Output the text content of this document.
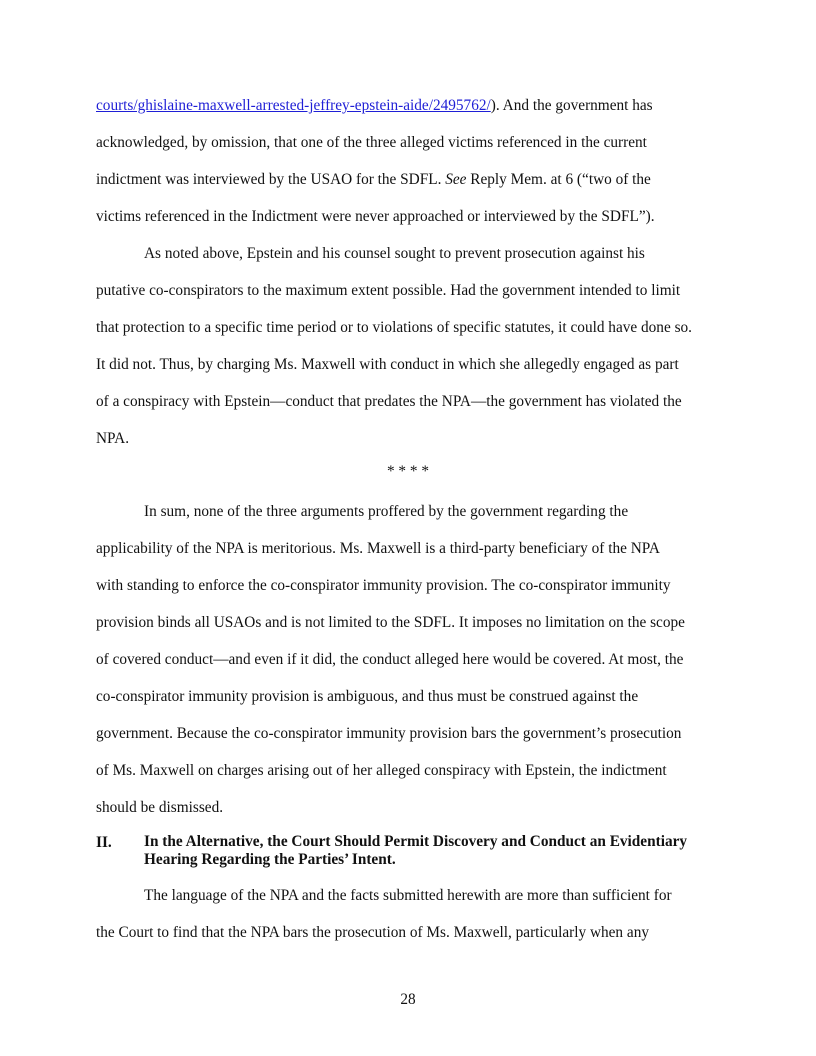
courts/ghislaine-maxwell-arrested-jeffrey-epstein-aide/2495762/). And the government has
acknowledged, by omission, that one of the three alleged victims referenced in the current
indictment was interviewed by the USAO for the SDFL. See Reply Mem. at 6 (“two of the
victims referenced in the Indictment were never approached or interviewed by the SDFL”).
As noted above, Epstein and his counsel sought to prevent prosecution against his
putative co-conspirators to the maximum extent possible. Had the government intended to limit
that protection to a specific time period or to violations of specific statutes, it could have done so.
It did not. Thus, by charging Ms. Maxwell with conduct in which she allegedly engaged as part
of a conspiracy with Epstein—conduct that predates the NPA—the government has violated the
NPA.
* * * *
In sum, none of the three arguments proffered by the government regarding the
applicability of the NPA is meritorious. Ms. Maxwell is a third-party beneficiary of the NPA
with standing to enforce the co-conspirator immunity provision. The co-conspirator immunity
provision binds all USAOs and is not limited to the SDFL. It imposes no limitation on the scope
of covered conduct—and even if it did, the conduct alleged here would be covered. At most, the
co-conspirator immunity provision is ambiguous, and thus must be construed against the
government. Because the co-conspirator immunity provision bars the government’s prosecution
of Ms. Maxwell on charges arising out of her alleged conspiracy with Epstein, the indictment
should be dismissed.
II. In the Alternative, the Court Should Permit Discovery and Conduct an Evidentiary
Hearing Regarding the Parties’ Intent.
The language of the NPA and the facts submitted herewith are more than sufficient for
the Court to find that the NPA bars the prosecution of Ms. Maxwell, particularly when any
28
